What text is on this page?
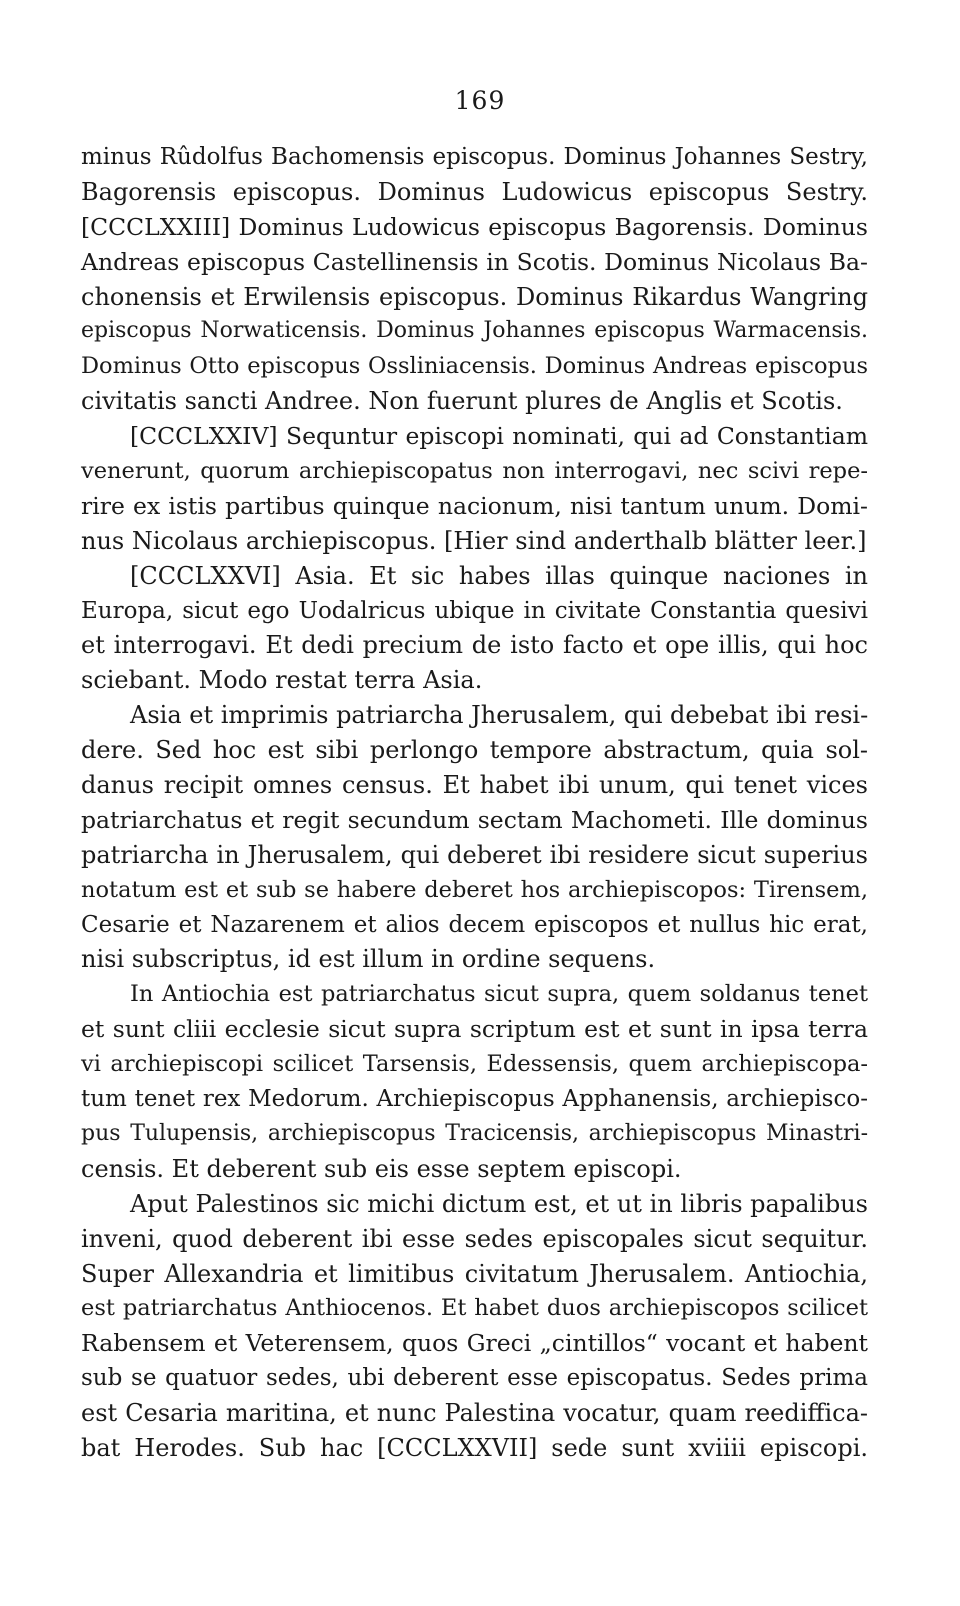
169
minus Rûdolfus Bachomensis episcopus. Dominus Johannes Sestry,
Bagorensis episcopus. Dominus Ludowicus episcopus Sestry.
[CCCLXXIII] Dominus Ludowicus episcopus Bagorensis. Dominus
Andreas episcopus Castellinensis in Scotis. Dominus Nicolaus Ba-
chonensis et Erwilensis episcopus. Dominus Rikardus Wangring
episcopus Norwaticensis. Dominus Johannes episcopus Warmacensis.
Dominus Otto episcopus Ossliniacensis. Dominus Andreas episcopus
civitatis sancti Andree. Non fuerunt plures de Anglis et Scotis.
[CCCLXXIV] Sequntur episcopi nominati, qui ad Constantiam
venerunt, quorum archiepiscopatus non interrogavi, nec scivi repe-
rire ex istis partibus quinque nacionum, nisi tantum unum. Domi-
nus Nicolaus archiepiscopus. [Hier sind anderthalb blätter leer.]
[CCCLXXVI] Asia. Et sic habes illas quinque naciones in
Europa, sicut ego Uodalricus ubique in civitate Constantia quesivi
et interrogavi. Et dedi precium de isto facto et ope illis, qui hoc
sciebant. Modo restat terra Asia.
Asia et imprimis patriarcha Jherusalem, qui debebat ibi resi-
dere. Sed hoc est sibi perlongo tempore abstractum, quia sol-
danus recipit omnes census. Et habet ibi unum, qui tenet vices
patriarchatus et regit secundum sectam Machometi. Ille dominus
patriarcha in Jherusalem, qui deberet ibi residere sicut superius
notatum est et sub se habere deberet hos archiepiscopos: Tirensem,
Cesarie et Nazarenem et alios decem episcopos et nullus hic erat,
nisi subscriptus, id est illum in ordine sequens.
In Antiochia est patriarchatus sicut supra, quem soldanus tenet
et sunt cliii ecclesie sicut supra scriptum est et sunt in ipsa terra
vi archiepiscopi scilicet Tarsensis, Edessensis, quem archiepiscopa-
tum tenet rex Medorum. Archiepiscopus Apphanensis, archiepisco-
pus Tulupensis, archiepiscopus Tracicensis, archiepiscopus Minastri-
censis. Et deberent sub eis esse septem episcopi.
Aput Palestinos sic michi dictum est, et ut in libris papalibus
inveni, quod deberent ibi esse sedes episcopales sicut sequitur.
Super Allexandria et limitibus civitatum Jherusalem. Antiochia,
est patriarchatus Anthiocenos. Et habet duos archiepiscopos scilicet
Rabensem et Veterensem, quos Greci „cintillos“ vocant et habent
sub se quatuor sedes, ubi deberent esse episcopatus. Sedes prima
est Cesaria maritina, et nunc Palestina vocatur, quam reediffica-
bat Herodes. Sub hac [CCCLXXVII] sede sunt xviiii episcopi.
